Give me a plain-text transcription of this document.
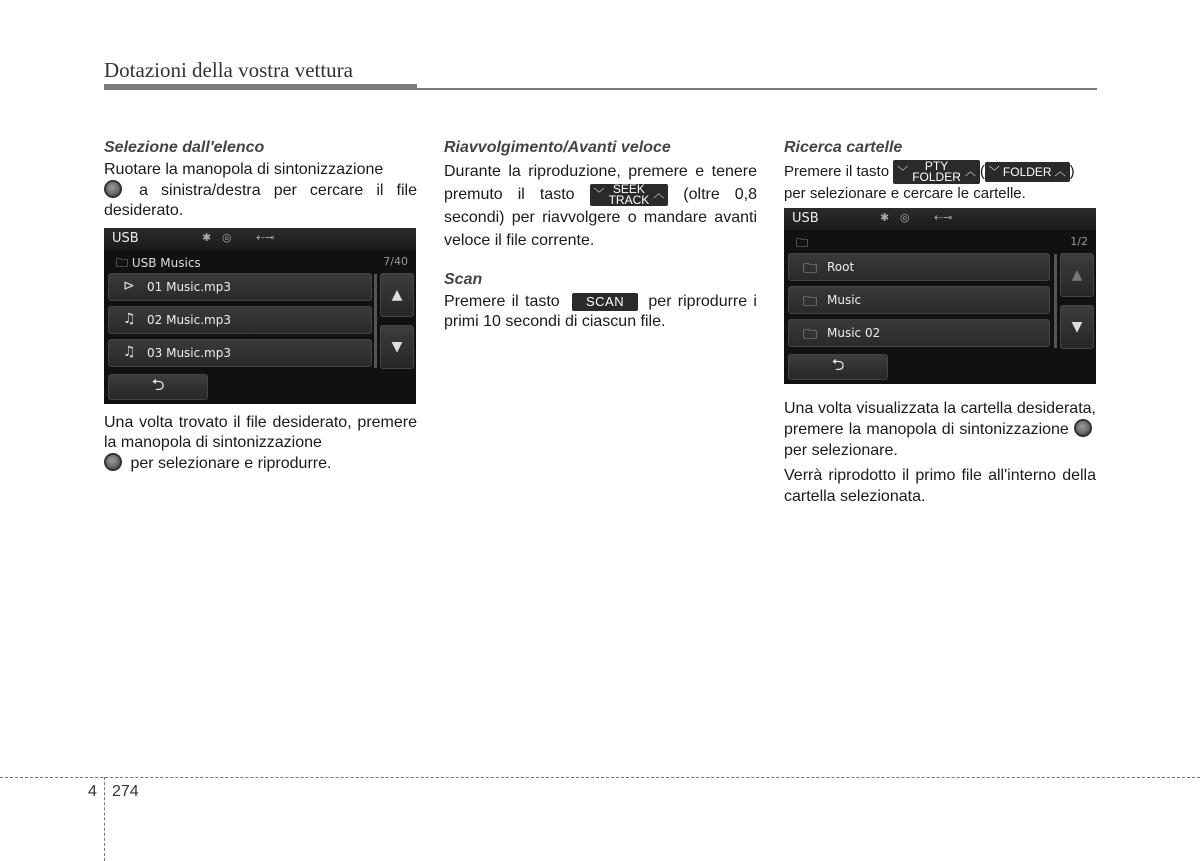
Dotazioni della vostra vettura
Selezione dall'elenco
Ruotare la manopola di sintonizzazione
a sinistra/destra per cercare il file desiderato.
USB	✱ ◎ ⇠⊸
🗀 USB Musics	7/40
⊳ 01 Music.mp3
♫ 02 Music.mp3
♫ 03 Music.mp3
▲
▼
⮌
Una volta trovato il file desiderato, premere la manopola di sintonizzazione
per selezionare e riprodurre.
Riavvolgimento/Avanti veloce
Durante la riproduzione, premere e tenere premuto il tasto ﹀ SEEK
TRACK ︿ (oltre 0,8 secondi) per riavvolgere o mandare avanti veloce il file corrente.
Scan
Premere il tasto SCAN per riprodurre i primi 10 secondi di ciascun file.
Ricerca cartelle
Premere il tasto ﹀ PTY
FOLDER ︿ ( ﹀ FOLDER ︿ ) per selezionare e cercare le cartelle.
USB	✱ ◎ ⇠⊸
🗀	1/2
🗀 Root
🗀 Music
🗀 Music 02
▲
▼
⮌
Una volta visualizzata la cartella desiderata, premere la manopola di sintonizzazione  per selezionare.
Verrà riprodotto il primo file all'interno della cartella selezionata.
4 274
